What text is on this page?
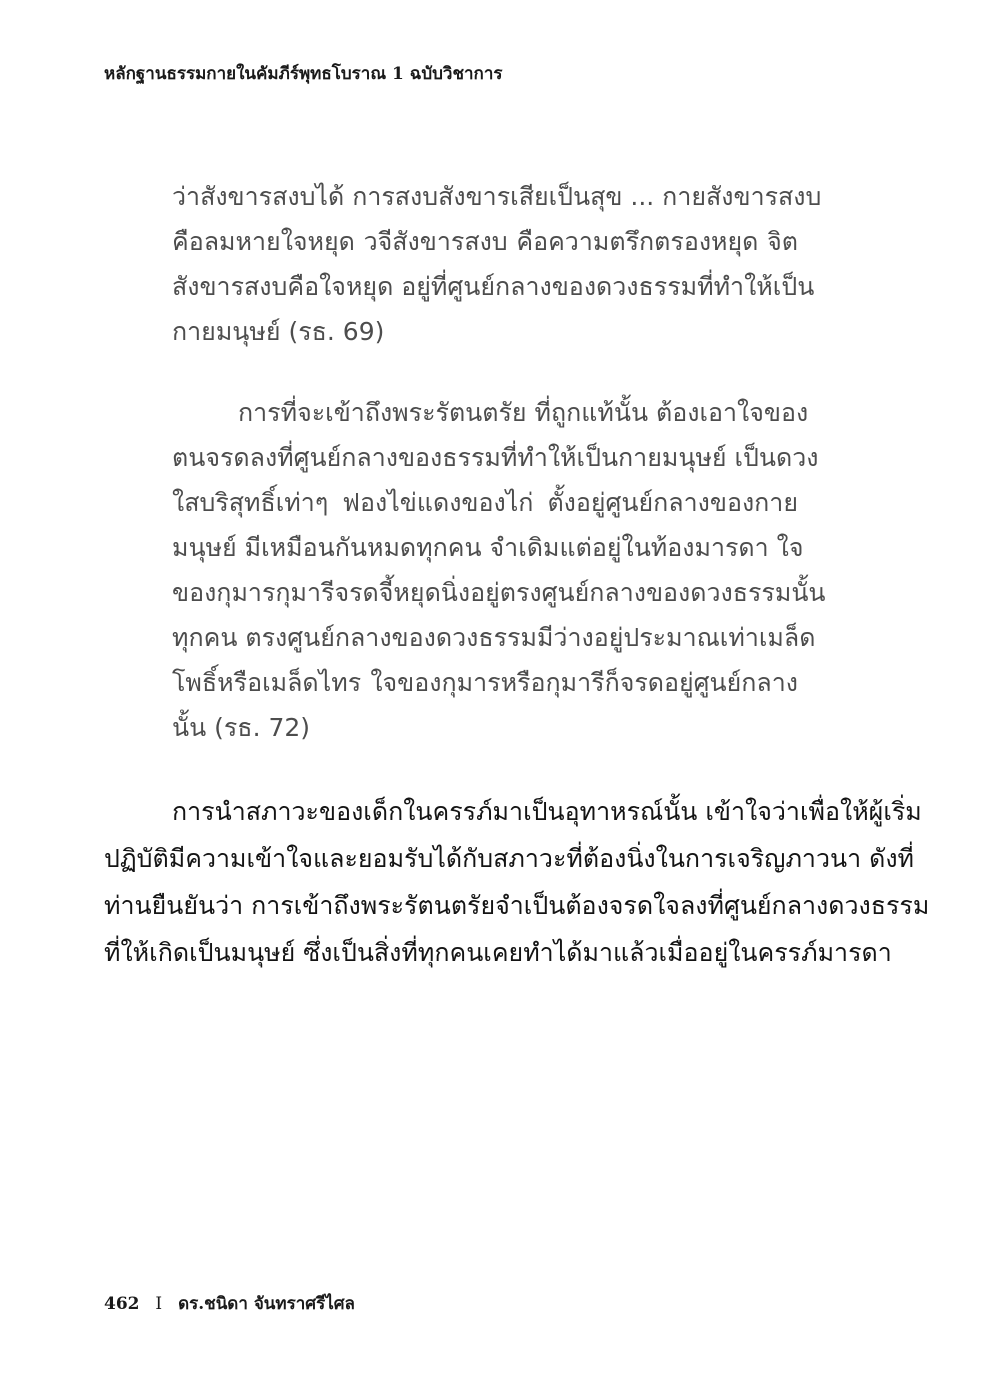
หลักฐานธรรมกายในคัมภีร์พุทธโบราณ 1 ฉบับวิชาการ
ว่าสังขารสงบได้ การสงบสังขารเสียเป็นสุข ... กายสังขารสงบ
คือลมหายใจหยุด วจีสังขารสงบ คือความตรึกตรองหยุด จิต
สังขารสงบคือใจหยุด อยู่ที่ศูนย์กลางของดวงธรรมที่ทำให้เป็น
กายมนุษย์ (รธ. 69)
การที่จะเข้าถึงพระรัตนตรัย ที่ถูกแท้นั้น ต้องเอาใจของ
ตนจรดลงที่ศูนย์กลางของธรรมที่ทำให้เป็นกายมนุษย์ เป็นดวง
ใสบริสุทธิ์เท่าๆ ฟองไข่แดงของไก่ ตั้งอยู่ศูนย์กลางของกาย
มนุษย์ มีเหมือนกันหมดทุกคน จำเดิมแต่อยู่ในท้องมารดา ใจ
ของกุมารกุมารีจรดจี้หยุดนิ่งอยู่ตรงศูนย์กลางของดวงธรรมนั้น
ทุกคน ตรงศูนย์กลางของดวงธรรมมีว่างอยู่ประมาณเท่าเมล็ด
โพธิ์หรือเมล็ดไทร ใจของกุมารหรือกุมารีก็จรดอยู่ศูนย์กลาง
นั้น (รธ. 72)
การนำสภาวะของเด็กในครรภ์มาเป็นอุทาหรณ์นั้น เข้าใจว่าเพื่อให้ผู้เริ่ม
ปฏิบัติมีความเข้าใจและยอมรับได้กับสภาวะที่ต้องนิ่งในการเจริญภาวนา ดังที่
ท่านยืนยันว่า การเข้าถึงพระรัตนตรัยจำเป็นต้องจรดใจลงที่ศูนย์กลางดวงธรรม
ที่ให้เกิดเป็นมนุษย์ ซึ่งเป็นสิ่งที่ทุกคนเคยทำได้มาแล้วเมื่ออยู่ในครรภ์มารดา
462 I ดร.ชนิดา จันทราศรีไศล
